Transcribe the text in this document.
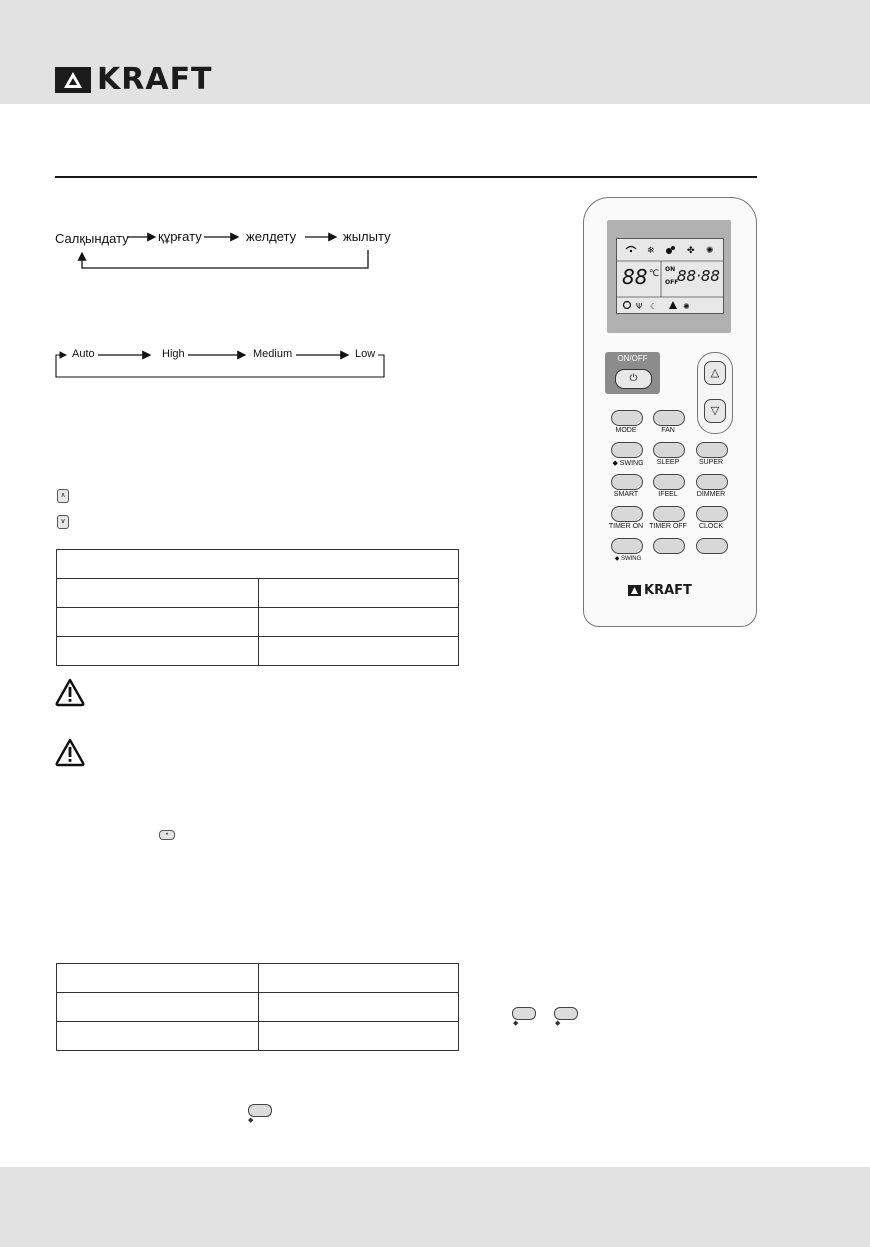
KRAFT
Салқындату құрғату	желдету	жылыту
Auto	High	Medium	Low
∧
∨

•

◆
◆	◆
❄	✤ ✺
Ψ ☾	✺
88 ℃ ON
OFF
88·88
ON/OFF
⏻	△
▽
MODE	FAN
◆ SWING	SLEEP	SUPER
SMART	IFEEL	DIMMER
TIMER ON TIMER OFF	CLOCK
◆ SWING
KRAFT
